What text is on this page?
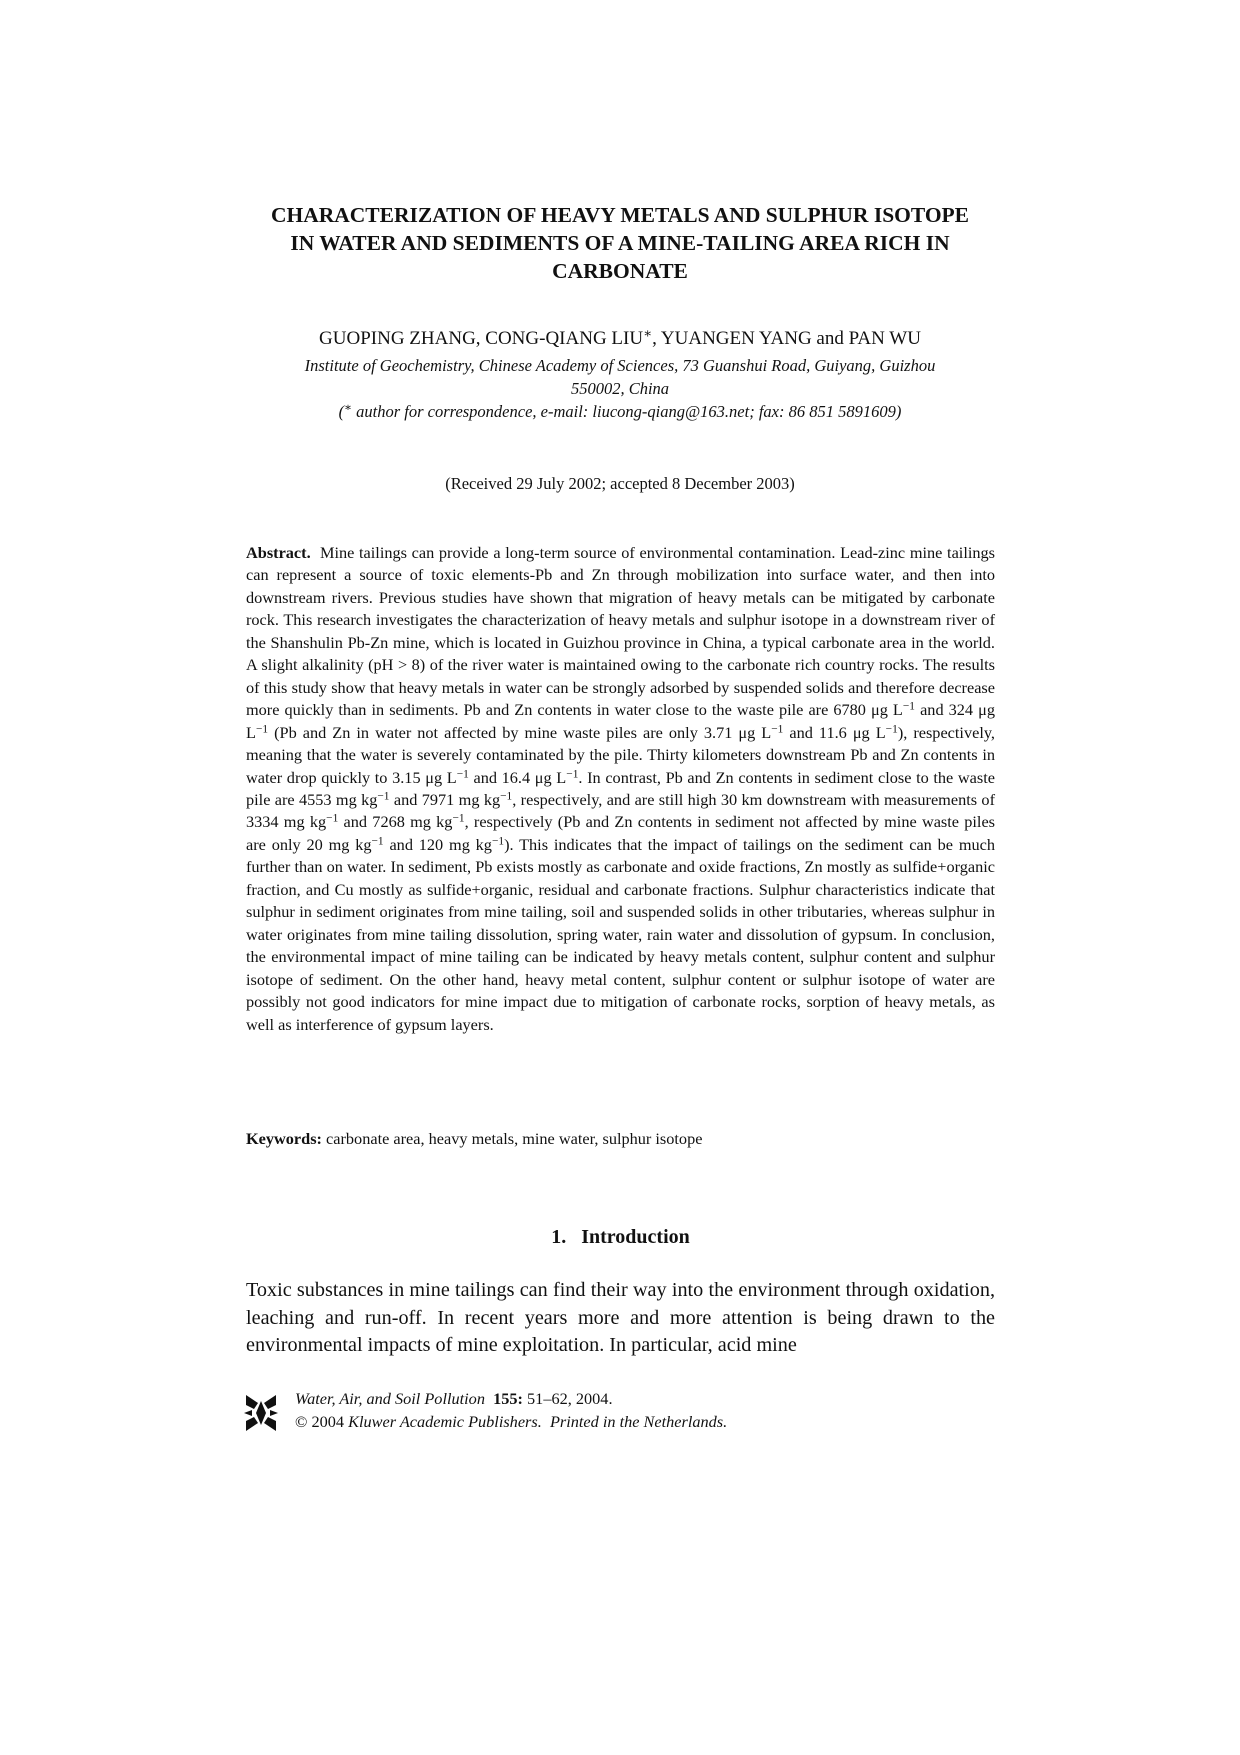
CHARACTERIZATION OF HEAVY METALS AND SULPHUR ISOTOPE
IN WATER AND SEDIMENTS OF A MINE-TAILING AREA RICH IN
CARBONATE

GUOPING ZHANG, CONG-QIANG LIU∗, YUANGEN YANG and PAN WU

Institute of Geochemistry, Chinese Academy of Sciences, 73 Guanshui Road, Guiyang, Guizhou
550002, China

(∗ author for correspondence, e-mail: liucong-qiang@163.net; fax: 86 851 5891609)

(Received 29 July 2002; accepted 8 December 2003)

Abstract. Mine tailings can provide a long-term source of environmental contamination. Lead-zinc mine tailings can represent a source of toxic elements-Pb and Zn through mobilization into surface water, and then into downstream rivers. Previous studies have shown that migration of heavy metals can be mitigated by carbonate rock. This research investigates the characterization of heavy metals and sulphur isotope in a downstream river of the Shanshulin Pb-Zn mine, which is located in Guizhou province in China, a typical carbonate area in the world. A slight alkalinity (pH > 8) of the river water is maintained owing to the carbonate rich country rocks. The results of this study show that heavy metals in water can be strongly adsorbed by suspended solids and therefore decrease more quickly than in sediments. Pb and Zn contents in water close to the waste pile are 6780 μg $L^{-1}$ and 324 μg $L^{-1}$ (Pb and Zn in water not affected by mine waste piles are only 3.71 μg $L^{-1}$ and 11.6 μg $L^{-1}$), respectively, meaning that the water is severely contaminated by the pile. Thirty kilometers downstream Pb and Zn contents in water drop quickly to 3.15 μg $L^{-1}$ and 16.4 μg $L^{-1}$. In contrast, Pb and Zn contents in sediment close to the waste pile are 4553 mg $kg^{-1}$ and 7971 mg $kg^{-1}$, respectively, and are still high 30 km downstream with measurements of 3334 mg $kg^{-1}$ and 7268 mg $kg^{-1}$, respectively (Pb and Zn contents in sediment not affected by mine waste piles are only 20 mg $kg^{-1}$ and 120 mg $kg^{-1}$). This indicates that the impact of tailings on the sediment can be much further than on water. In sediment, Pb exists mostly as carbonate and oxide fractions, Zn mostly as sulfide+organic fraction, and Cu mostly as sulfide+organic, residual and carbonate fractions. Sulphur characteristics indicate that sulphur in sediment originates from mine tailing, soil and suspended solids in other tributaries, whereas sulphur in water originates from mine tailing dissolution, spring water, rain water and dissolution of gypsum. In conclusion, the environmental impact of mine tailing can be indicated by heavy metals content, sulphur content and sulphur isotope of sediment. On the other hand, heavy metal content, sulphur content or sulphur isotope of water are possibly not good indicators for mine impact due to mitigation of carbonate rocks, sorption of heavy metals, as well as interference of gypsum layers.

Keywords: carbonate area, heavy metals, mine water, sulphur isotope

1. Introduction

Toxic substances in mine tailings can find their way into the environment through oxidation, leaching and run-off. In recent years more and more attention is being drawn to the environmental impacts of mine exploitation. In particular, acid mine

Water, Air, and Soil Pollution 155: 51–62, 2004.
© 2004 Kluwer Academic Publishers. Printed in the Netherlands.
